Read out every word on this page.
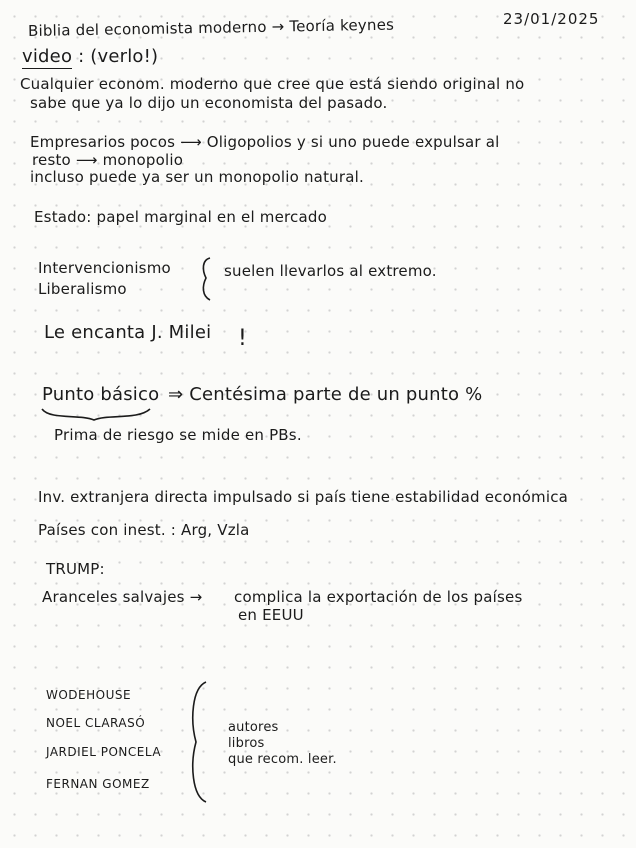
23/01/2025
Biblia del economista moderno → Teoría keynes
video : (verlo!)
Cualquier econom. moderno que cree que está siendo original no
sabe que ya lo dijo un economista del pasado.
Empresarios pocos ⟶ Oligopolios y si uno puede expulsar al
resto ⟶ monopolio
incluso puede ya ser un monopolio natural.
Estado: papel marginal en el mercado
Intervencionismo
Liberalismo
suelen llevarlos al extremo.
Le encanta J. Milei !
Punto básico ⇒ Centésima parte de un punto %
Prima de riesgo se mide en PBs.
Inv. extranjera directa impulsado si país tiene estabilidad económica
Países con inest. : Arg, Vzla
TRUMP:
Aranceles salvajes → complica la exportación de los países
en EEUU
WODEHOUSE
NOEL CLARASÓ
JARDIEL PONCELA
FERNAN GOMEZ
autores
libros
que recom. leer.
